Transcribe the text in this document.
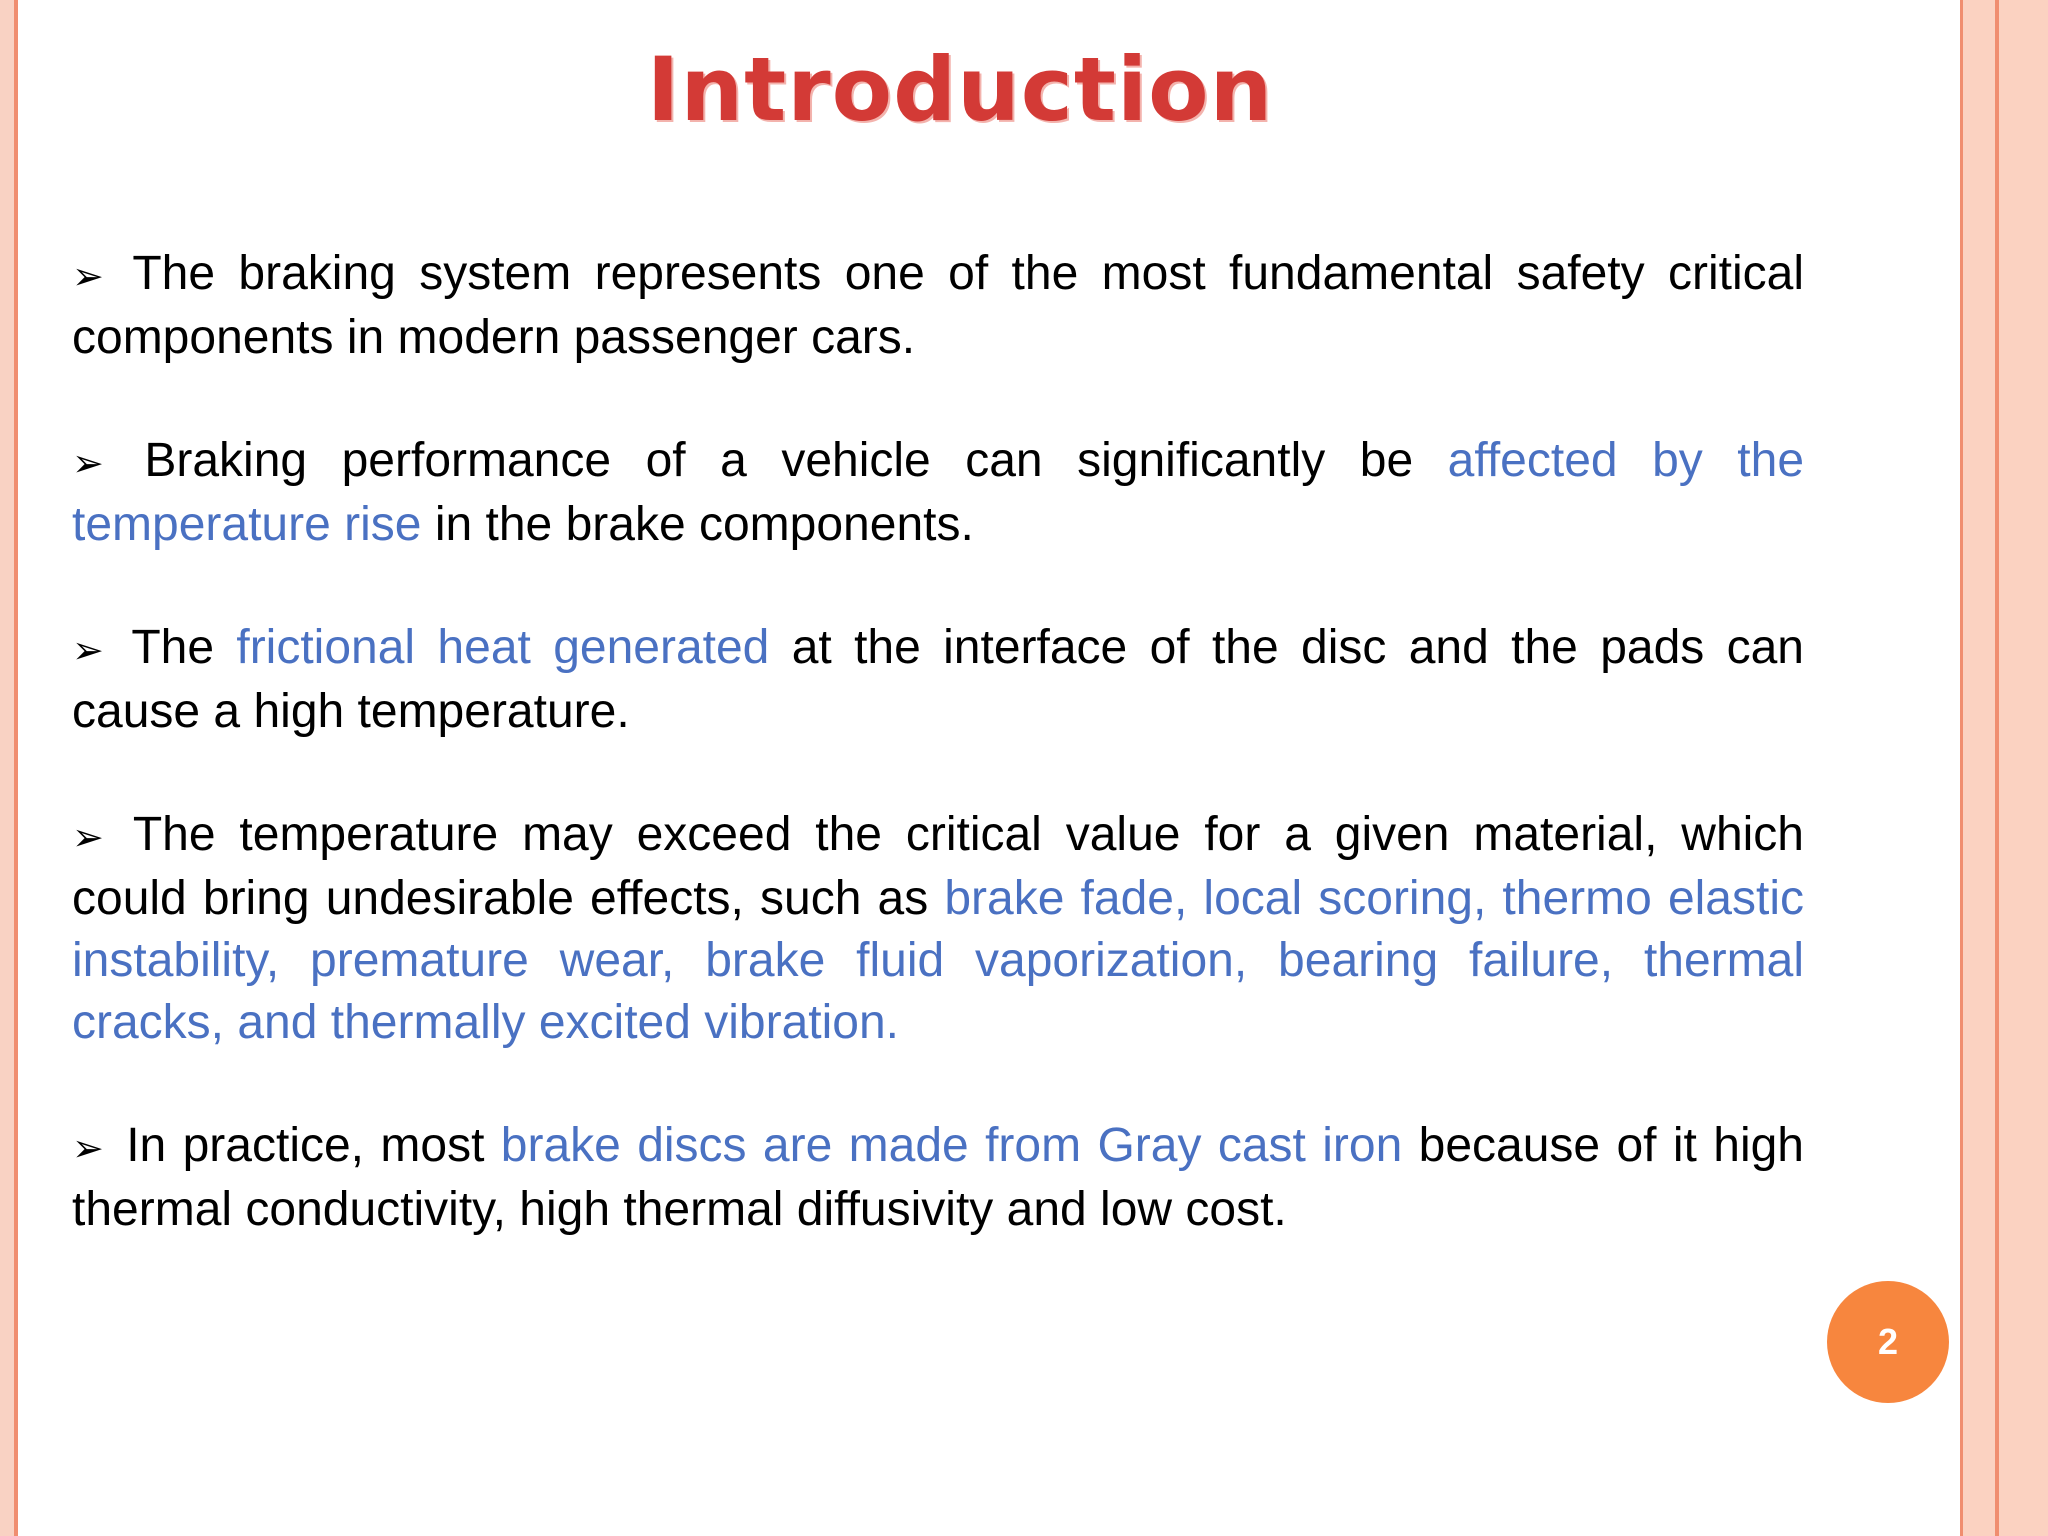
Introduction

➢ The braking system represents one of the most fundamental safety critical components in modern passenger cars.

➢ Braking performance of a vehicle can significantly be affected by the temperature rise in the brake components.

➢ The frictional heat generated at the interface of the disc and the pads can cause a high temperature.

➢ The temperature may exceed the critical value for a given material, which could bring undesirable effects, such as brake fade, local scoring, thermo elastic instability, premature wear, brake fluid vaporization, bearing failure, thermal cracks, and thermally excited vibration.

➢ In practice, most brake discs are made from Gray cast iron because of it high thermal conductivity, high thermal diffusivity and low cost.

2
